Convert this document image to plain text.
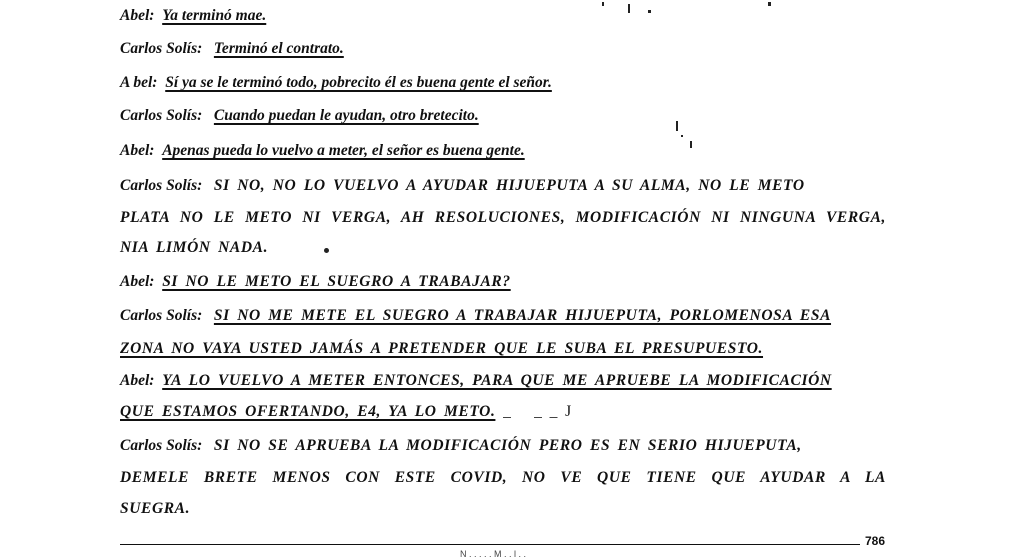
Abel: Ya terminó mae.
Carlos Solís: Terminó el contrato.
A bel: Sí ya se le terminó todo, pobrecito él es buena gente el señor.
Carlos Solís: Cuando puedan le ayudan, otro bretecito.
Abel: Apenas pueda lo vuelvo a meter, el señor es buena gente.
Carlos Solís: SI NO, NO LO VUELVO A AYUDAR HIJUEPUTA A SU ALMA, NO LE METO
PLATA NO LE METO NI VERGA, AH RESOLUCIONES, MODIFICACIÓN NI NINGUNA VERGA,
NIA LIMÓN NADA.
Abel: SI NO LE METO EL SUEGRO A TRABAJAR?
Carlos Solís: SI NO ME METE EL SUEGRO A TRABAJAR HIJUEPUTA, PORLOMENOSA ESA
ZONA NO VAYA USTED JAMÁS A PRETENDER QUE LE SUBA EL PRESUPUESTO.
Abel: YA LO VUELVO A METER ENTONCES, PARA QUE ME APRUEBE LA MODIFICACIÓN
QUE ESTAMOS OFERTANDO, E4, YA LO METO.  _      _  _  J
Carlos Solís: SI NO SE APRUEBA LA MODIFICACIÓN PERO ES EN SERIO HIJUEPUTA,
DEMELE BRETE MENOS CON ESTE COVID, NO VE QUE TIENE QUE AYUDAR A LA
SUEGRA.
786
N . . . . . M . . l . .
